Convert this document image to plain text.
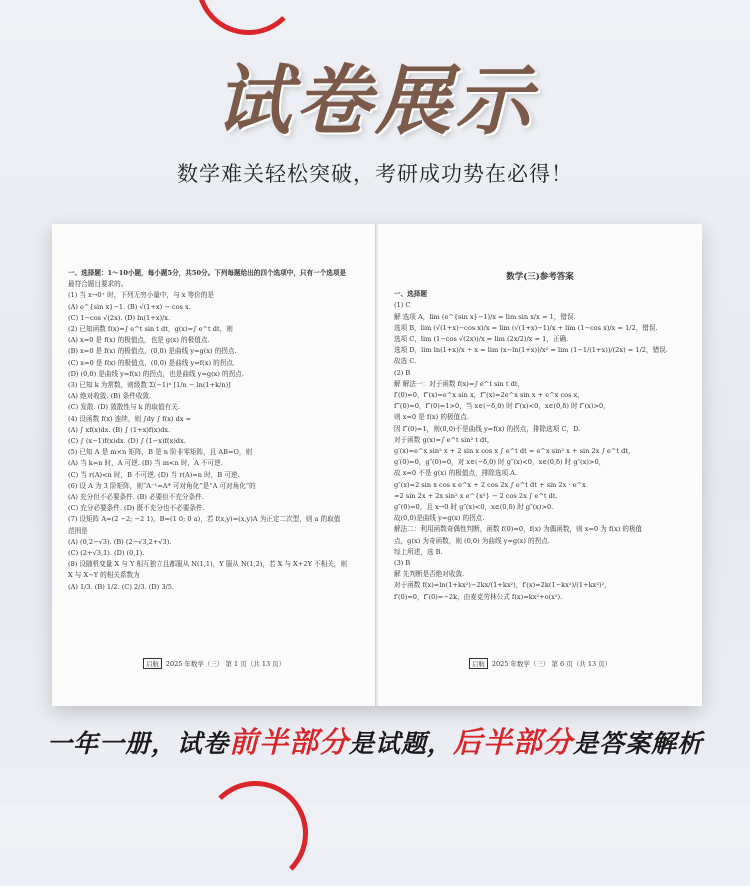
试卷展示
数学难关轻松突破，考研成功势在必得！
一、选择题：1～10小题，每小题5分，共50分。下列每题给出的四个选项中，只有一个选项是
最符合题目要求的。
(1) 当 x→0⁺ 时，下列无穷小量中，与 x 等价的是
(A) e^{sin x}−1. (B) √(1+x) − cos x.
(C) 1−cos √(2x). (D) ln(1+x)/x.
(2) 已知函数 f(x)=∫ e^t sin t dt，g(x)=∫ e^t dt，则
(A) x=0 是 f(x) 的极值点，也是 g(x) 的极值点.
(B) x=0 是 f(x) 的极值点，(0,0) 是曲线 y=g(x) 的拐点.
(C) x=0 是 f(x) 的极值点，(0,0) 是曲线 y=f(x) 的拐点.
(D) (0,0) 是曲线 y=f(x) 的拐点，也是曲线 y=g(x) 的拐点.
(3) 已知 k 为常数，则级数 Σ(−1)ⁿ [1/n − ln(1+k/n)]
(A) 绝对收敛. (B) 条件收敛.
(C) 发散. (D) 敛散性与 k 的取值有关.
(4) 设函数 f(x) 连续，则 ∫dy ∫ f(x) dx =
(A) ∫ xf(x)dx. (B) ∫ (1+x)f(x)dx.
(C) ∫ (x−1)f(x)dx. (D) ∫ (1−x)f(x)dx.
(5) 已知 A 是 m×n 矩阵，B 是 n 阶非零矩阵，且 AB=O，则
(A) 当 k=n 时，A 可逆. (B) 当 m<n 时，A 不可逆.
(C) 当 r(A)<n 时，B 不可逆. (D) 当 r(A)=n 时，B 可逆.
(6) 设 A 为 3 阶矩阵，则“A⁻¹=A* 可对角化”是“A 可对角化”的
(A) 充分但不必要条件. (B) 必要但不充分条件.
(C) 充分必要条件. (D) 既不充分也不必要条件.
(7) 设矩阵 A=(2 −2; −2 1)，B=(1 0; 0 a)，若 f(x,y)=(x,y)A 为正定二次型，则 a 的取值
范围是
(A) (0,2−√3). (B) (2−√3,2+√3).
(C) (2+√3,1). (D) (0,1).
(8) 设随机变量 X 与 Y 相互独立且都服从 N(1,1)，Y 服从 N(1,2)，若 X 与 X+2Y 不相关，则
X 与 X−Y 的相关系数为
(A) 1/3. (B) 1/2. (C) 2/3. (D) 3/5.
启航 2025 年数学（三） 第 1 页（共 13 页）
数学(三)参考答案
一、选择题
(1) C
解 选项 A，lim (e^{sin x}−1)/x = lim sin x/x = 1，错误.
选项 B，lim (√(1+x)−cos x)/x = lim (√(1+x)−1)/x + lim (1−cos x)/x = 1/2，错误.
选项 C，lim (1−cos √(2x))/x = lim (2x/2)/x = 1，正确.
选项 D，lim ln(1+x)/x ÷ x = lim (x−ln(1+x))/x² = lim (1−1/(1+x))/(2x) = 1/2，错误.
故选 C.
(2) B
解 解法一：对于函数 f(x)=∫ e^t sin t dt，
f′(0)=0，f″(x)=e^x sin x，f‴(x)=2e^x sin x + e^x cos x，
f‴(0)=0，f″(0)=1>0，当 x∈(−δ,0) 时 f″(x)<0，x∈(0,δ) 时 f″(x)>0，
则 x=0 是 f(x) 的极值点.
因 f″(0)=1，则(0,0)不是曲线 y=f(x) 的拐点，排除选项 C，D.
对于函数 g(x)=∫ e^t sin² t dt，
g′(x)=e^x sin² x + 2 sin x cos x ∫ e^t dt = e^x sin² x + sin 2x ∫ e^t dt，
g′(0)=0，g″(0)=0，对 x∈(−δ,0) 时 g″(x)<0，x∈(0,δ) 时 g″(x)>0，
故 x=0 不是 g(x) 的极值点，排除选项 A.
g″(x)=2 sin x cos x e^x + 2 cos 2x ∫ e^t dt + sin 2x · e^x
=2 sin 2x + 2x sin² x e^{x²} − 2 cos 2x ∫ e^t dt.
g″(0)=0，且 x→0 时 g″(x)<0，x∈(0,δ) 时 g″(x)>0.
故(0,0)是曲线 y=g(x) 的拐点.
解法二：利用函数奇偶性判断，函数 f(0)=0，f(x) 为偶函数，则 x=0 为 f(x) 的极值
点，g(x) 为奇函数，则 (0,0) 为曲线 y=g(x) 的拐点.
综上所述，选 B.
(3) B
解 先判断是否绝对收敛.
对于函数 f(x)=ln(1+kx²)−2kx/(1+kx²)，f′(x)=2k(1−kx²)/(1+kx²)²，
f′(0)=0，f″(0)=−2k，由麦克劳林公式 f(x)=kx²+o(x²).
启航 2025 年数学（三） 第 6 页（共 13 页）
一年一册，试卷前半部分是试题，后半部分是答案解析
